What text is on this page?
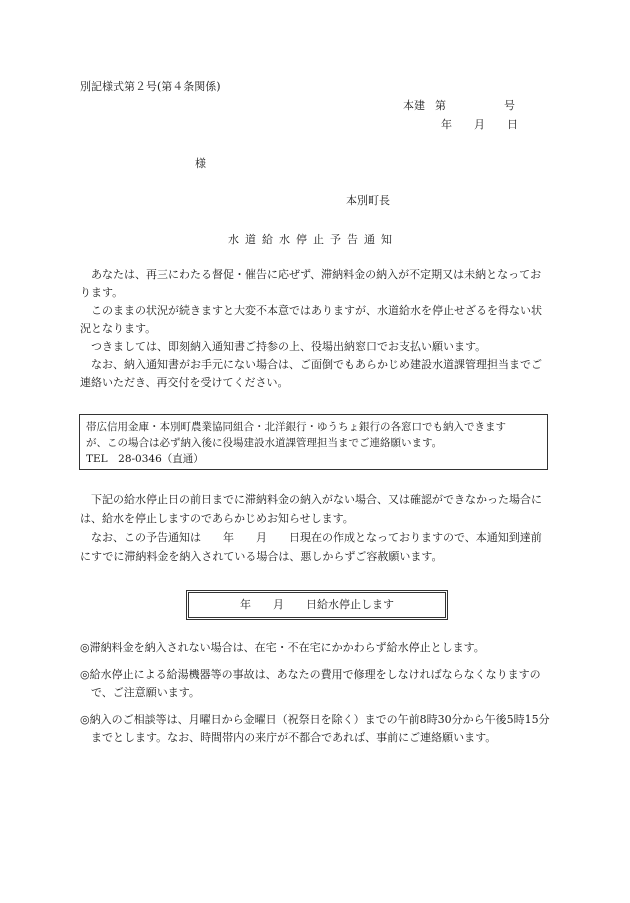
別記様式第２号(第４条関係)
本建 第	号
年 月 日
様
本別町長
水道給水停止予告通知

あなたは、再三にわたる督促・催告に応ぜず、滞納料金の納入が不定期又は未納となっております。

このままの状況が続きますと大変不本意ではありますが、水道給水を停止せざるを得ない状況となります。

つきましては、即刻納入通知書ご持参の上、役場出納窓口でお支払い願います。

なお、納入通知書がお手元にない場合は、ご面倒でもあらかじめ建設水道課管理担当までご連絡いただき、再交付を受けてください。

帯広信用金庫・本別町農業協同組合・北洋銀行・ゆうちょ銀行の各窓口でも納入できます
が、この場合は必ず納入後に役場建設水道課管理担当までご連絡願います。
TEL　28-0346（直通）

下記の給水停止日の前日までに滞納料金の納入がない場合、又は確認ができなかった場合には、給水を停止しますのであらかじめお知らせします。

なお、この予告通知は　　年　　月　　日現在の作成となっておりますので、本通知到達前にすでに滞納料金を納入されている場合は、悪しからずご容赦願います。

年　　月　　日給水停止します
◎滞納料金を納入されない場合は、在宅・不在宅にかかわらず給水停止とします。
◎給水停止による給湯機器等の事故は、あなたの費用で修理をしなければならなくなりますので、ご注意願います。
◎納入のご相談等は、月曜日から金曜日（祝祭日を除く）までの午前8時30分から午後5時15分までとします。なお、時間帯内の来庁が不都合であれば、事前にご連絡願います。
